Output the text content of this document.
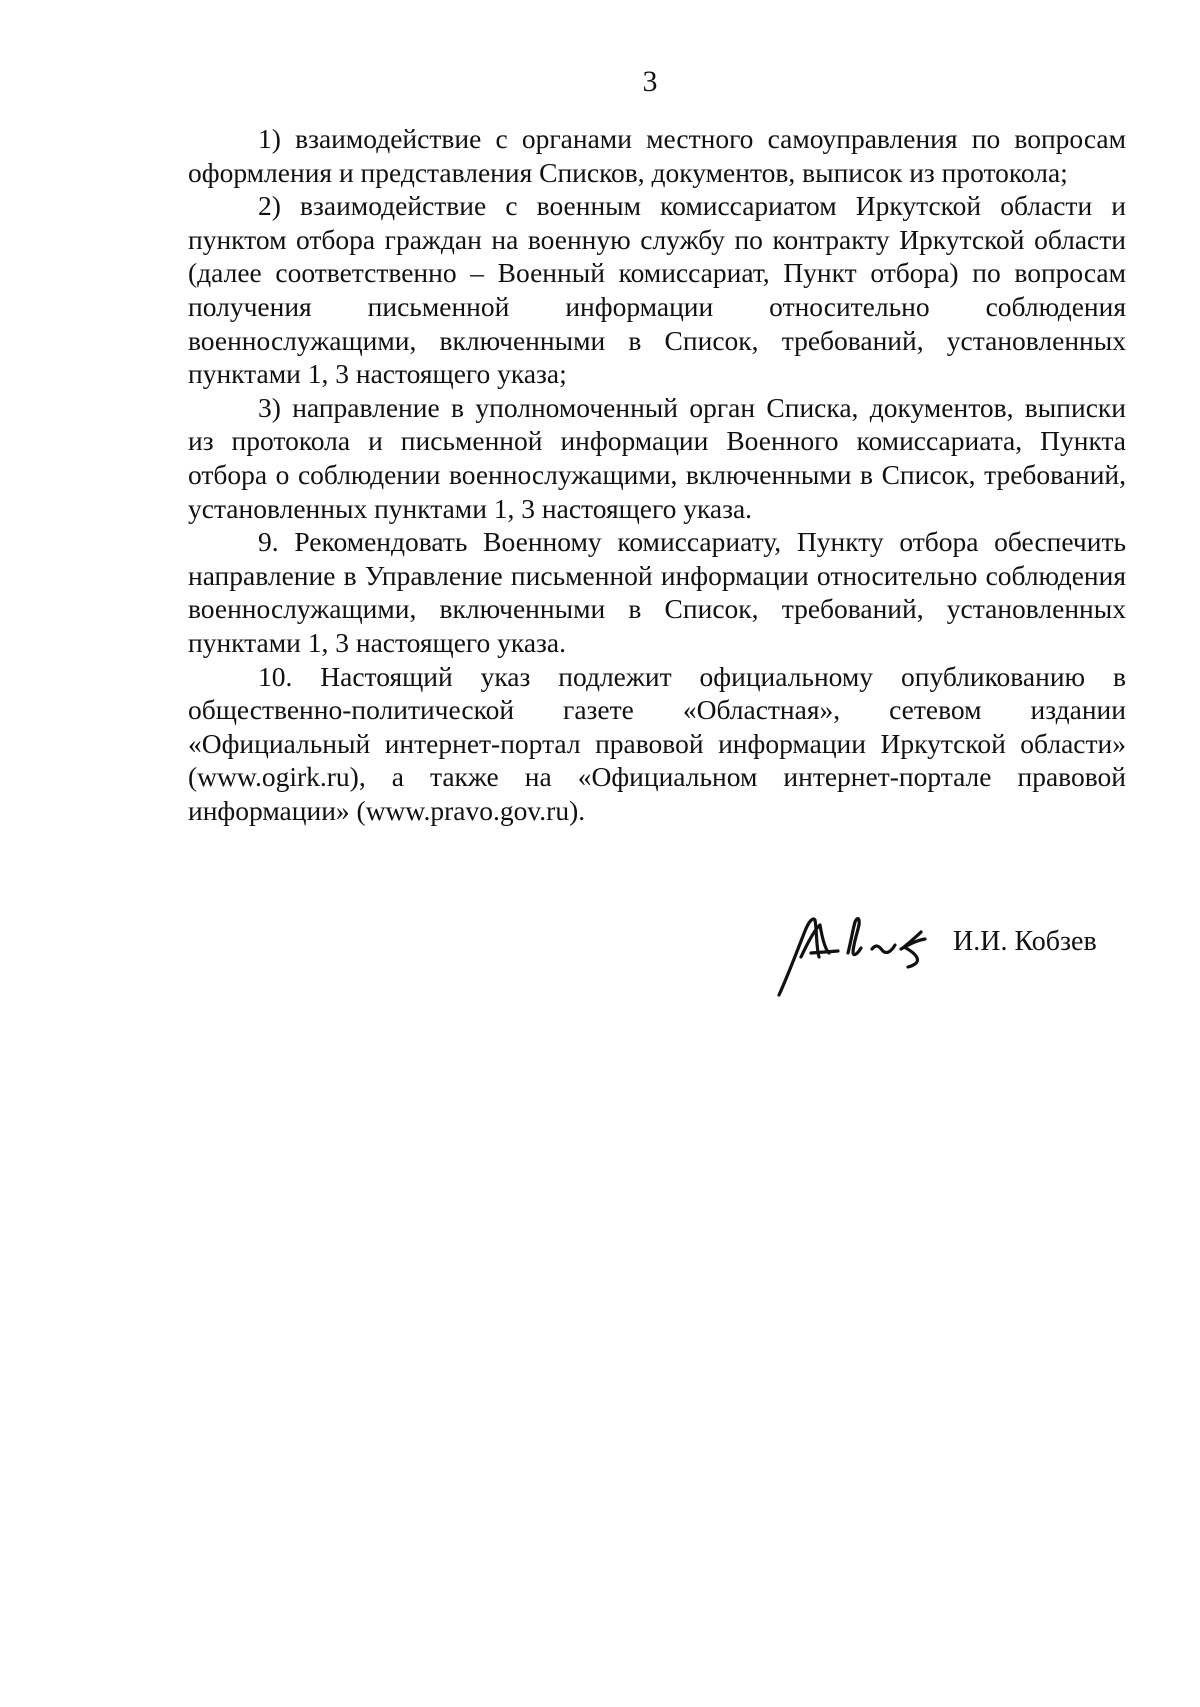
3

1) взаимодействие с органами местного самоуправления по вопросам оформления и представления Списков, документов, выписок из протокола;

2) взаимодействие с военным комиссариатом Иркутской области и пунктом отбора граждан на военную службу по контракту Иркутской области (далее соответственно – Военный комиссариат, Пункт отбора) по вопросам получения письменной информации относительно соблюдения военнослужащими, включенными в Список, требований, установленных пунктами 1, 3 настоящего указа;

3) направление в уполномоченный орган Списка, документов, выписки из протокола и письменной информации Военного комиссариата, Пункта отбора о соблюдении военнослужащими, включенными в Список, требований, установленных пунктами 1, 3 настоящего указа.

9. Рекомендовать Военному комиссариату, Пункту отбора обеспечить направление в Управление письменной информации относительно соблюдения военнослужащими, включенными в Список, требований, установленных пунктами 1, 3 настоящего указа.

10. Настоящий указ подлежит официальному опубликованию в общественно-политической газете «Областная», сетевом издании «Официальный интернет-портал правовой информации Иркутской области» (www.ogirk.ru), а также на «Официальном интернет-портале правовой информации» (www.pravo.gov.ru).

И.И. Кобзев
